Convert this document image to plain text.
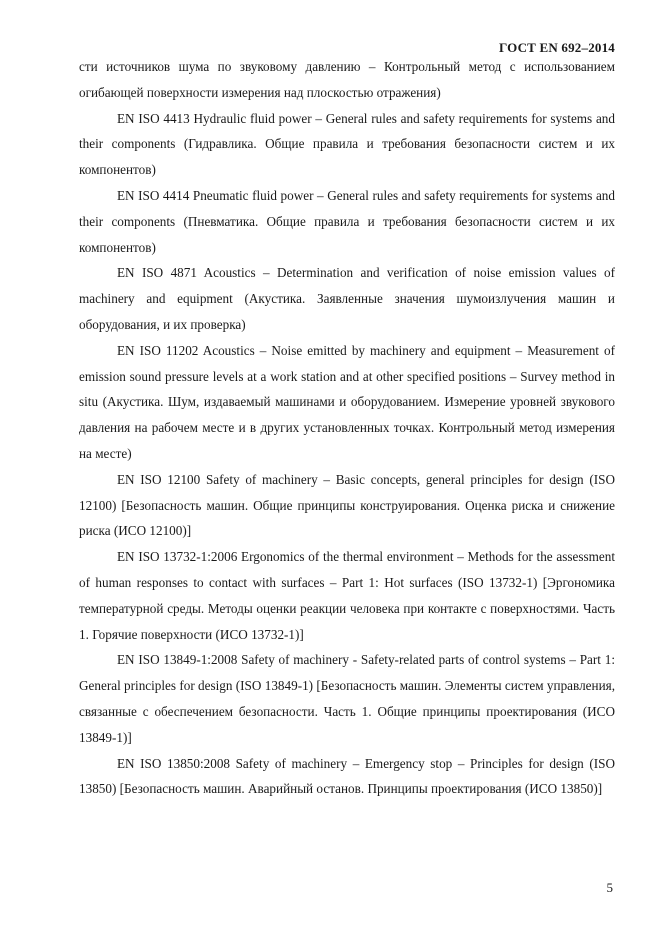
ГОСТ EN 692–2014

сти источников шума по звуковому давлению – Контрольный метод с использованием огибающей поверхности измерения над плоскостью отражения)

EN ISO 4413 Hydraulic fluid power – General rules and safety requirements for systems and their components (Гидравлика. Общие правила и требования безопасности систем и их компонентов)

EN ISO 4414 Pneumatic fluid power – General rules and safety requirements for systems and their components (Пневматика. Общие правила и требования безопасности систем и их компонентов)

EN ISO 4871 Acoustics – Determination and verification of noise emission values of machinery and equipment (Акустика. Заявленные значения шумоизлучения машин и оборудования, и их проверка)

EN ISO 11202 Acoustics – Noise emitted by machinery and equipment – Measurement of emission sound pressure levels at a work station and at other specified positions – Survey method in situ (Акустика. Шум, издаваемый машинами и оборудованием. Измерение уровней звукового давления на рабочем месте и в других установленных точках. Контрольный метод измерения на месте)

EN ISO 12100 Safety of machinery – Basic concepts, general principles for design (ISO 12100) [Безопасность машин. Общие принципы конструирования. Оценка риска и снижение риска (ИСО 12100)]

EN ISO 13732-1:2006 Ergonomics of the thermal environment – Methods for the assessment of human responses to contact with surfaces – Part 1: Hot surfaces (ISO 13732-1) [Эргономика температурной среды. Методы оценки реакции человека при контакте с поверхностями. Часть 1. Горячие поверхности (ИСО 13732-1)]

EN ISO 13849-1:2008 Safety of machinery - Safety-related parts of control systems – Part 1: General principles for design (ISO 13849-1) [Безопасность машин. Элементы систем управления, связанные с обеспечением безопасности. Часть 1. Общие принципы проектирования (ИСО 13849-1)]

EN ISO 13850:2008 Safety of machinery – Emergency stop – Principles for design (ISO 13850) [Безопасность машин. Аварийный останов. Принципы проектирования (ИСО 13850)]

5
